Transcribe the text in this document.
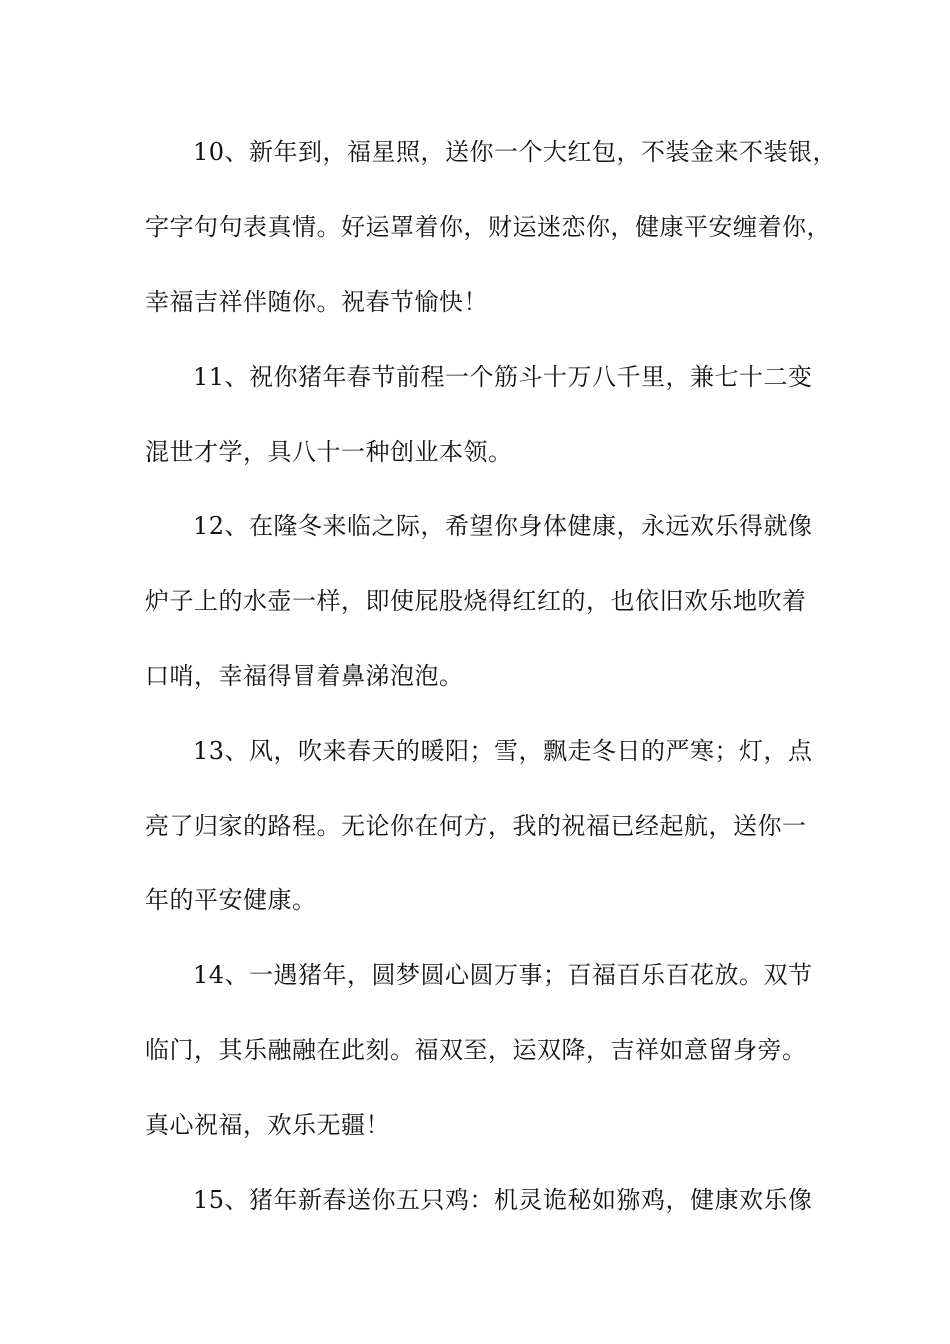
10、新年到，福星照，送你一个大红包，不装金来不装银，
字字句句表真情。好运罩着你，财运迷恋你，健康平安缠着你，
幸福吉祥伴随你。祝春节愉快！
11、祝你猪年春节前程一个筋斗十万八千里，兼七十二变
混世才学，具八十一种创业本领。
12、在隆冬来临之际，希望你身体健康，永远欢乐得就像
炉子上的水壶一样，即使屁股烧得红红的，也依旧欢乐地吹着
口哨，幸福得冒着鼻涕泡泡。
13、风，吹来春天的暖阳；雪，飘走冬日的严寒；灯，点
亮了归家的路程。无论你在何方，我的祝福已经起航，送你一
年的平安健康。
14、一遇猪年，圆梦圆心圆万事；百福百乐百花放。双节
临门，其乐融融在此刻。福双至，运双降，吉祥如意留身旁。
真心祝福，欢乐无疆！
15、猪年新春送你五只鸡：机灵诡秘如猕鸡，健康欢乐像
